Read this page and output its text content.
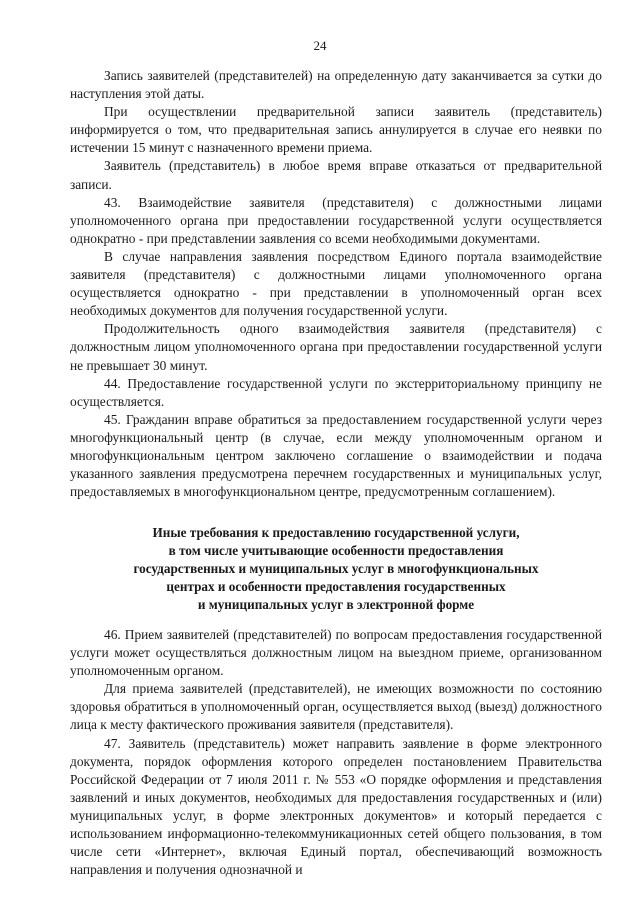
24

Запись заявителей (представителей) на определенную дату заканчивается за сутки до наступления этой даты.

При осуществлении предварительной записи заявитель (представитель) информируется о том, что предварительная запись аннулируется в случае его неявки по истечении 15 минут с назначенного времени приема.

Заявитель (представитель) в любое время вправе отказаться от предварительной записи.

43. Взаимодействие заявителя (представителя) с должностными лицами уполномоченного органа при предоставлении государственной услуги осуществляется однократно - при представлении заявления со всеми необходимыми документами.

В случае направления заявления посредством Единого портала взаимодействие заявителя (представителя) с должностными лицами уполномоченного органа осуществляется однократно - при представлении в уполномоченный орган всех необходимых документов для получения государственной услуги.

Продолжительность одного взаимодействия заявителя (представителя) с должностным лицом уполномоченного органа при предоставлении государственной услуги не превышает 30 минут.

44. Предоставление государственной услуги по экстерриториальному принципу не осуществляется.

45. Гражданин вправе обратиться за предоставлением государственной услуги через многофункциональный центр (в случае, если между уполномоченным органом и многофункциональным центром заключено соглашение о взаимодействии и подача указанного заявления предусмотрена перечнем государственных и муниципальных услуг, предоставляемых в многофункциональном центре, предусмотренным соглашением).

Иные требования к предоставлению государственной услуги,
в том числе учитывающие особенности предоставления
государственных и муниципальных услуг в многофункциональных
центрах и особенности предоставления государственных
и муниципальных услуг в электронной форме

46. Прием заявителей (представителей) по вопросам предоставления государственной услуги может осуществляться должностным лицом на выездном приеме, организованном уполномоченным органом.

Для приема заявителей (представителей), не имеющих возможности по состоянию здоровья обратиться в уполномоченный орган, осуществляется выход (выезд) должностного лица к месту фактического проживания заявителя (представителя).

47. Заявитель (представитель) может направить заявление в форме электронного документа, порядок оформления которого определен постановлением Правительства Российской Федерации от 7 июля 2011 г. № 553 «О порядке оформления и представления заявлений и иных документов, необходимых для предоставления государственных и (или) муниципальных услуг, в форме электронных документов» и который передается с использованием информационно-телекоммуникационных сетей общего пользования, в том числе сети «Интернет», включая Единый портал, обеспечивающий возможность направления и получения однозначной и
